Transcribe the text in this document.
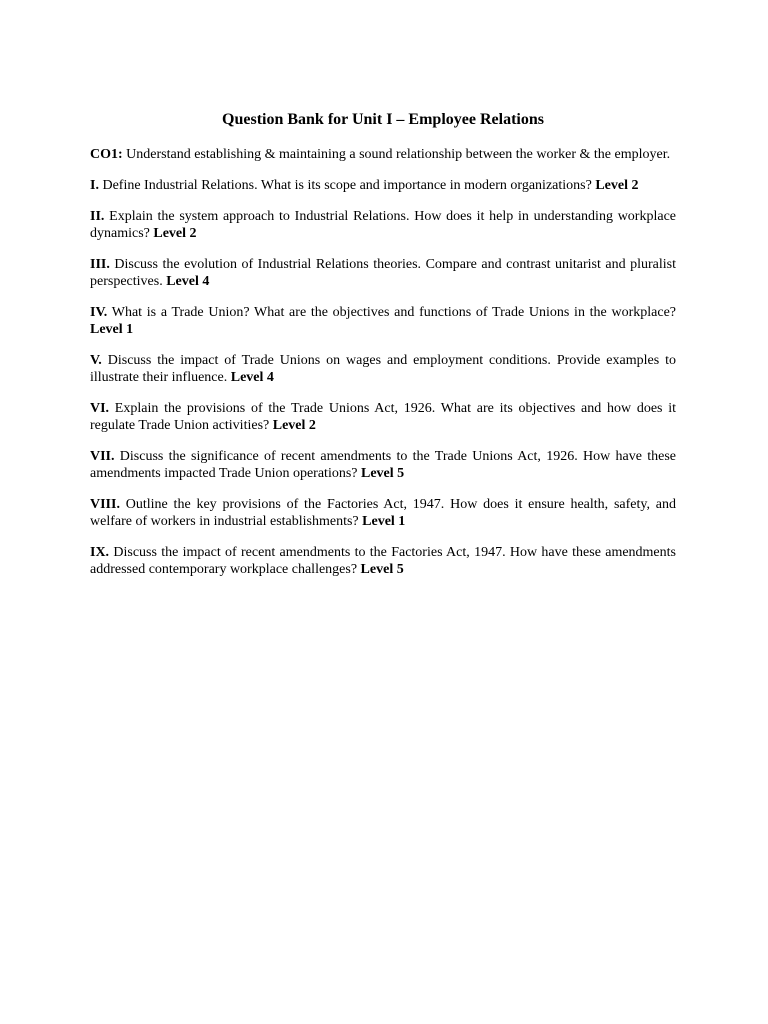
Question Bank for Unit I – Employee Relations

CO1: Understand establishing & maintaining a sound relationship between the worker & the employer.

I. Define Industrial Relations. What is its scope and importance in modern organizations? Level 2

II. Explain the system approach to Industrial Relations. How does it help in understanding workplace dynamics? Level 2

III. Discuss the evolution of Industrial Relations theories. Compare and contrast unitarist and pluralist perspectives. Level 4

IV. What is a Trade Union? What are the objectives and functions of Trade Unions in the workplace? Level 1

V. Discuss the impact of Trade Unions on wages and employment conditions. Provide examples to illustrate their influence. Level 4

VI. Explain the provisions of the Trade Unions Act, 1926. What are its objectives and how does it regulate Trade Union activities? Level 2

VII. Discuss the significance of recent amendments to the Trade Unions Act, 1926. How have these amendments impacted Trade Union operations? Level 5

VIII. Outline the key provisions of the Factories Act, 1947. How does it ensure health, safety, and welfare of workers in industrial establishments? Level 1

IX. Discuss the impact of recent amendments to the Factories Act, 1947. How have these amendments addressed contemporary workplace challenges? Level 5
